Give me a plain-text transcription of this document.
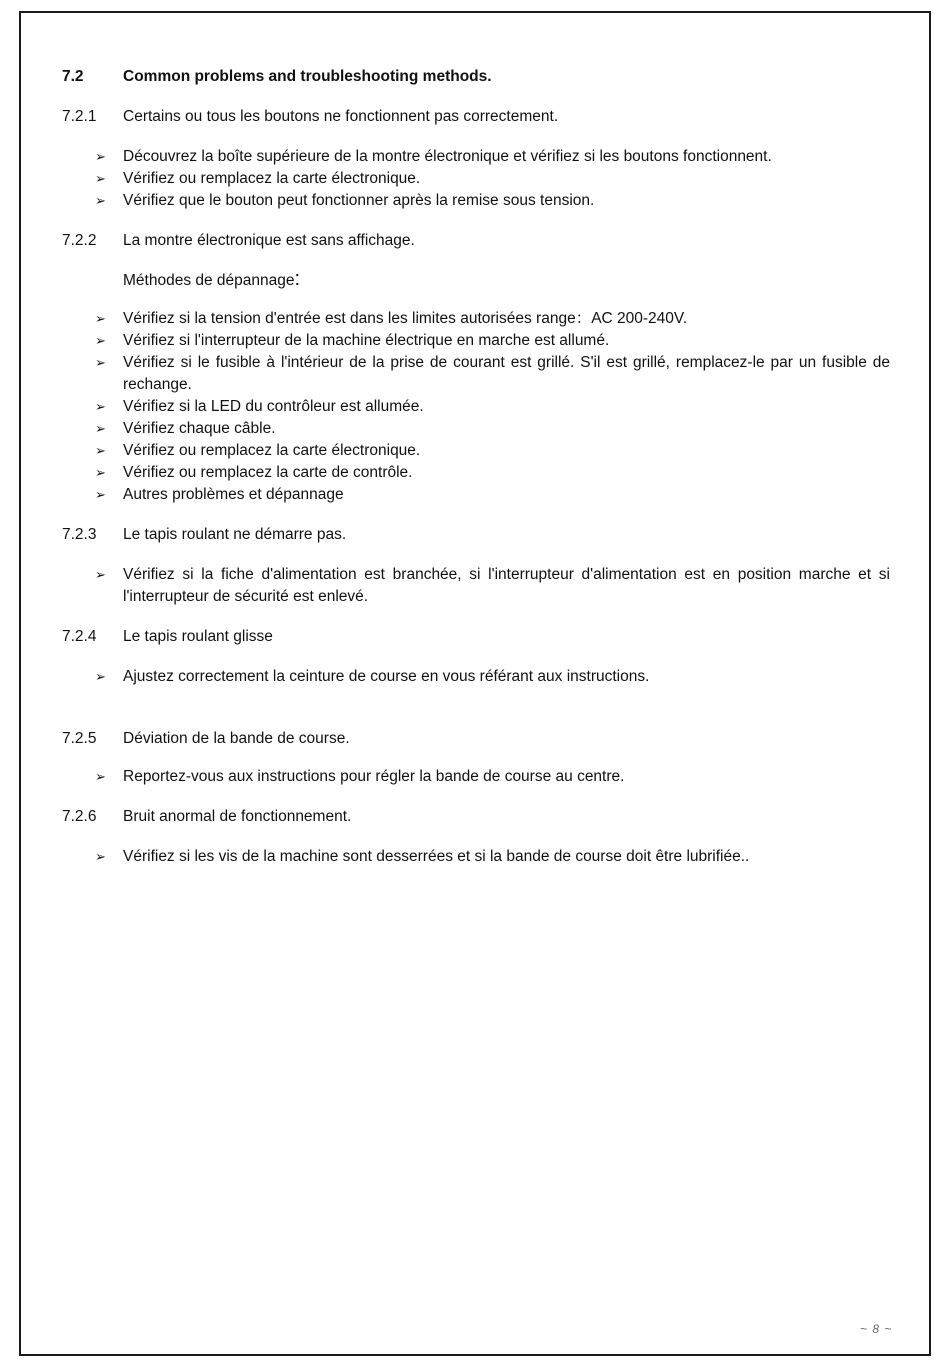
7.2	Common problems and troubleshooting methods.
7.2.1	Certains ou tous les boutons ne fonctionnent pas correctement.
➢	Découvrez la boîte supérieure de la montre électronique et vérifiez si les boutons fonctionnent.
➢	Vérifiez ou remplacez la carte électronique.
➢	Vérifiez que le bouton peut fonctionner après la remise sous tension.
7.2.2	La montre électronique est sans affichage.
Méthodes de dépannage:
➢	Vérifiez si la tension d'entrée est dans les limites autorisées range：AC 200-240V.
➢	Vérifiez si l'interrupteur de la machine électrique en marche est allumé.
➢	Vérifiez si le fusible à l'intérieur de la prise de courant est grillé. S'il est grillé, remplacez-le par un fusible de rechange.
➢	Vérifiez si la LED du contrôleur est allumée.
➢	Vérifiez chaque câble.
➢	Vérifiez ou remplacez la carte électronique.
➢	Vérifiez ou remplacez la carte de contrôle.
➢	Autres problèmes et dépannage
7.2.3	Le tapis roulant ne démarre pas.
➢	Vérifiez si la fiche d'alimentation est branchée, si l'interrupteur d'alimentation est en position marche et si l'interrupteur de sécurité est enlevé.
7.2.4	Le tapis roulant glisse
➢	Ajustez correctement la ceinture de course en vous référant aux instructions.
7.2.5	Déviation de la bande de course.
➢	Reportez-vous aux instructions pour régler la bande de course au centre.
7.2.6	Bruit anormal de fonctionnement.
➢	Vérifiez si les vis de la machine sont desserrées et si la bande de course doit être lubrifiée..
~ 8 ~
